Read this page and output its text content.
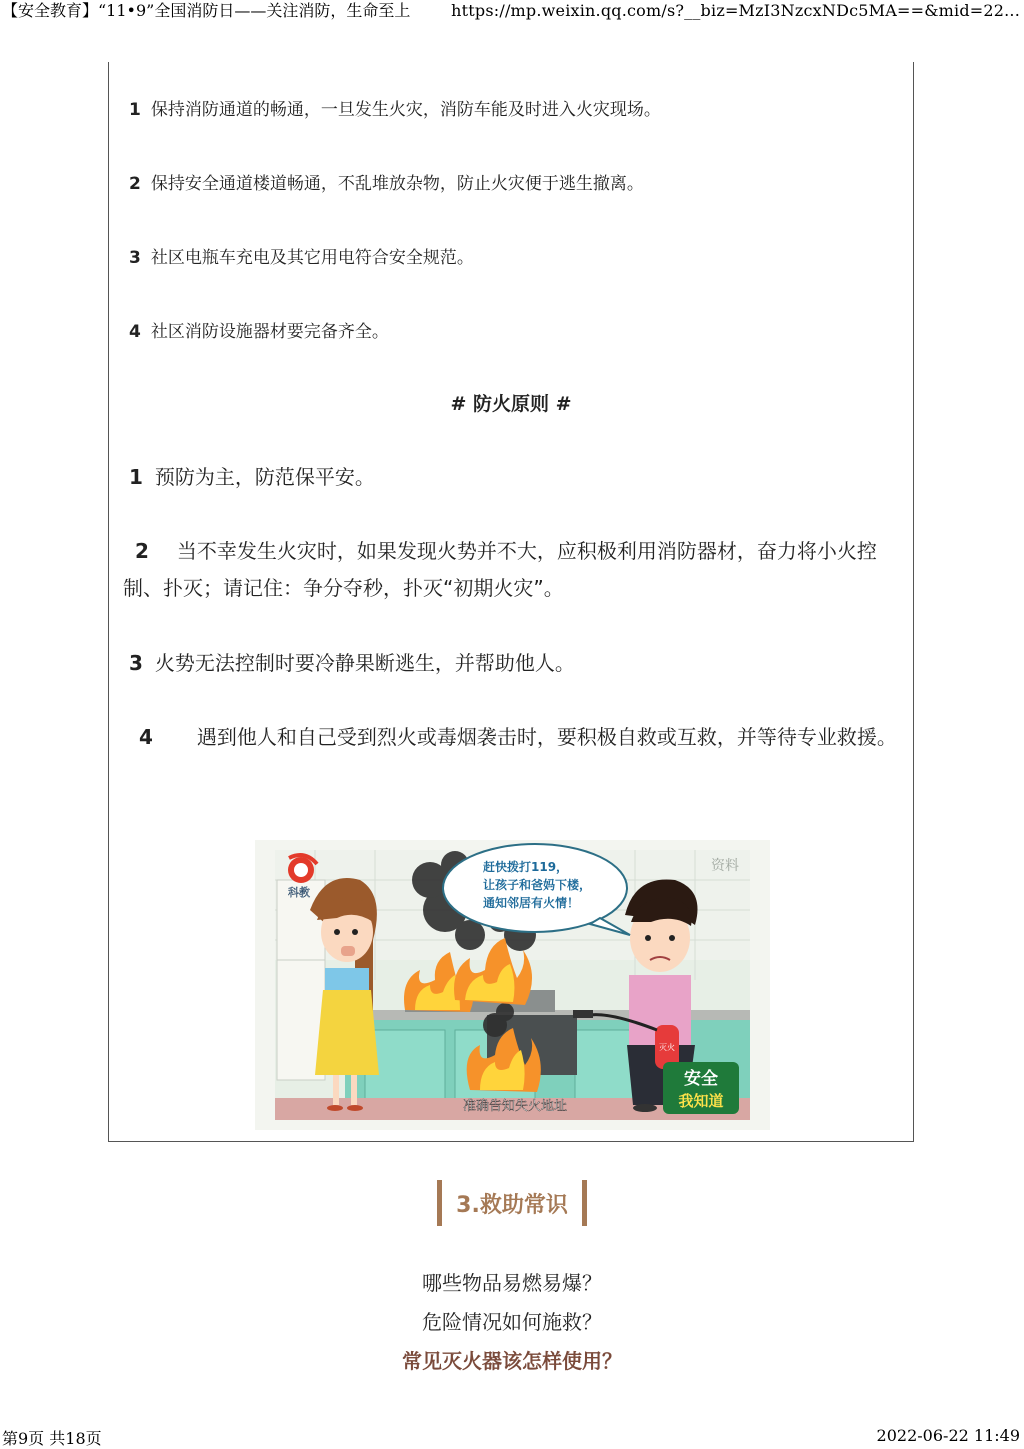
【安全教育】“11•9”全国消防日——关注消防，生命至上	https://mp.weixin.qq.com/s?__biz=MzI3NzcxNDc5MA==&mid=22...
1 保持消防通道的畅通，一旦发生火灾，消防车能及时进入火灾现场。
2 保持安全通道楼道畅通，不乱堆放杂物，防止火灾便于逃生撤离。
3 社区电瓶车充电及其它用电符合安全规范。
4 社区消防设施器材要完备齐全。
# 防火原则 #
1 预防为主，防范保平安。
2 当不幸发生火灾时，如果发现火势并不大，应积极利用消防器材，奋力将小火控制、扑灭；请记住：争分夺秒，扑灭“初期火灾”。
3 火势无法控制时要冷静果断逃生，并帮助他人。
4 遇到他人和自己受到烈火或毒烟袭击时，要积极自救或互救，并等待专业救援。
灭火
赶快拨打119，
让孩子和爸妈下楼，
通知邻居有火情！
科教
资料
准确告知失火地址
安全
我知道
3.救助常识
哪些物品易燃易爆？
危险情况如何施救？
常见灭火器该怎样使用？
第9页 共18页	2022-06-22 11:49
